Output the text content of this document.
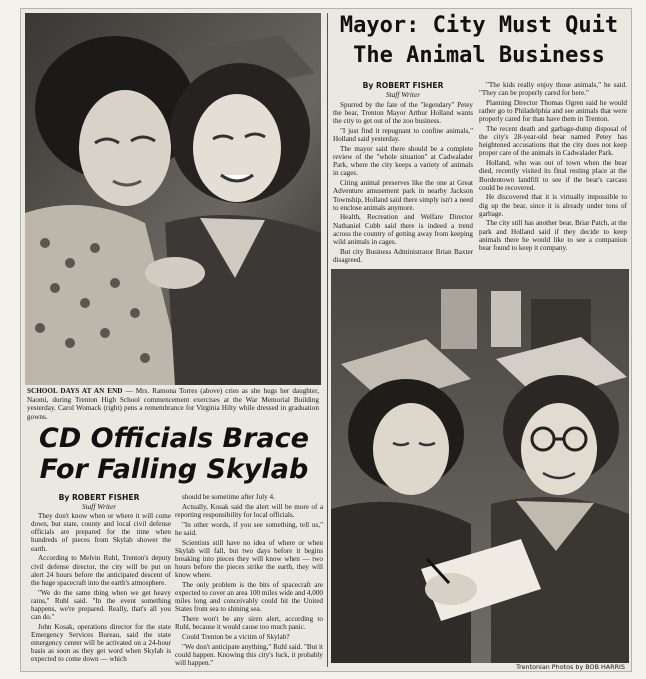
SCHOOL DAYS AT AN END — Mrs. Ramona Torres (above) cries as she hugs her daughter, Naomi, during Trenton High School commencement exercises at the War Memorial Building yesterday. Carol Womack (right) pens a remembrance for Virginia Hilty while dressed in graduation gowns.
CD Officials Brace
For Falling Skylab
By ROBERT FISHER
Staff Writer

They don't know when or where it will come down, but state, county and local civil defense officials are prepared for the time when hundreds of pieces from Skylab shower the earth.

According to Melvin Ruhl, Trenton's deputy civil defense director, the city will be put on alert 24 hours before the anticipated descent of the huge spacecraft into the earth's atmosphere.

"We do the same thing when we get heavy rains," Ruhl said. "In the event something happens, we're prepared. Really, that's all you can do."

John Kosak, operations director for the state Emergency Services Bureau, said the state emergency center will be activated on a 24-hour basis as soon as they get word when Skylab is expected to come down — which

should be sometime after July 4.

Actually, Kosak said the alert will be more of a reporting responsibility for local officials.

"In other words, if you see something, tell us," he said.

Scientists still have no idea of where or when Skylab will fall, but two days before it begins breaking into pieces they will know when — two hours before the pieces strike the earth, they will know where.

The only problem is the bits of spacecraft are expected to cover an area 100 miles wide and 4,000 miles long and conceivably could hit the United States from sea to shining sea.

There won't be any siren alert, according to Ruhl, because it would cause too much panic.

Could Trenton be a victim of Skylab?

"We don't anticipate anything," Ruhl said. "But it could happen. Knowing this city's luck, it probably will happen."

Mayor: City Must Quit
The Animal Business
By ROBERT FISHER
Staff Writer

Spurred by the fate of the "legendary" Petey the bear, Trenton Mayor Arthur Holland wants the city to get out of the zoo business.

"I just find it repugnant to confine animals," Holland said yesterday.

The mayor said there should be a complete review of the "whole situation" at Cadwalader Park, where the city keeps a variety of animals in cages.

Citing animal preserves like the one at Great Adventure amusement park in nearby Jackson Township, Holland said there simply isn't a need to enclose animals anymore.

Health, Recreation and Welfare Director Nathaniel Cobb said there is indeed a trend across the country of getting away from keeping wild animals in cages.

But city Business Administrator Brian Baxter disagreed.

"The kids really enjoy those animals," he said. "They can be properly cared for here."

Planning Director Thomas Ogren said he would rather go to Philadelphia and see animals that were properly cared for than have them in Trenton.

The recent death and garbage-dump disposal of the city's 28-year-old bear named Petey has heightened accusations that the city does not keep proper care of the animals in Cadwalader Park.

Holland, who was out of town when the bear died, recently visited its final resting place at the Bordentown landfill to see if the bear's carcass could be recovered.

He discovered that it is virtually impossible to dig up the bear, since it is already under tons of garbage.

The city still has another bear, Briar Patch, at the park and Holland said if they decide to keep animals there he would like to see a companion bear found to keep it company.

Trentonian Photos by BOB HARRIS
